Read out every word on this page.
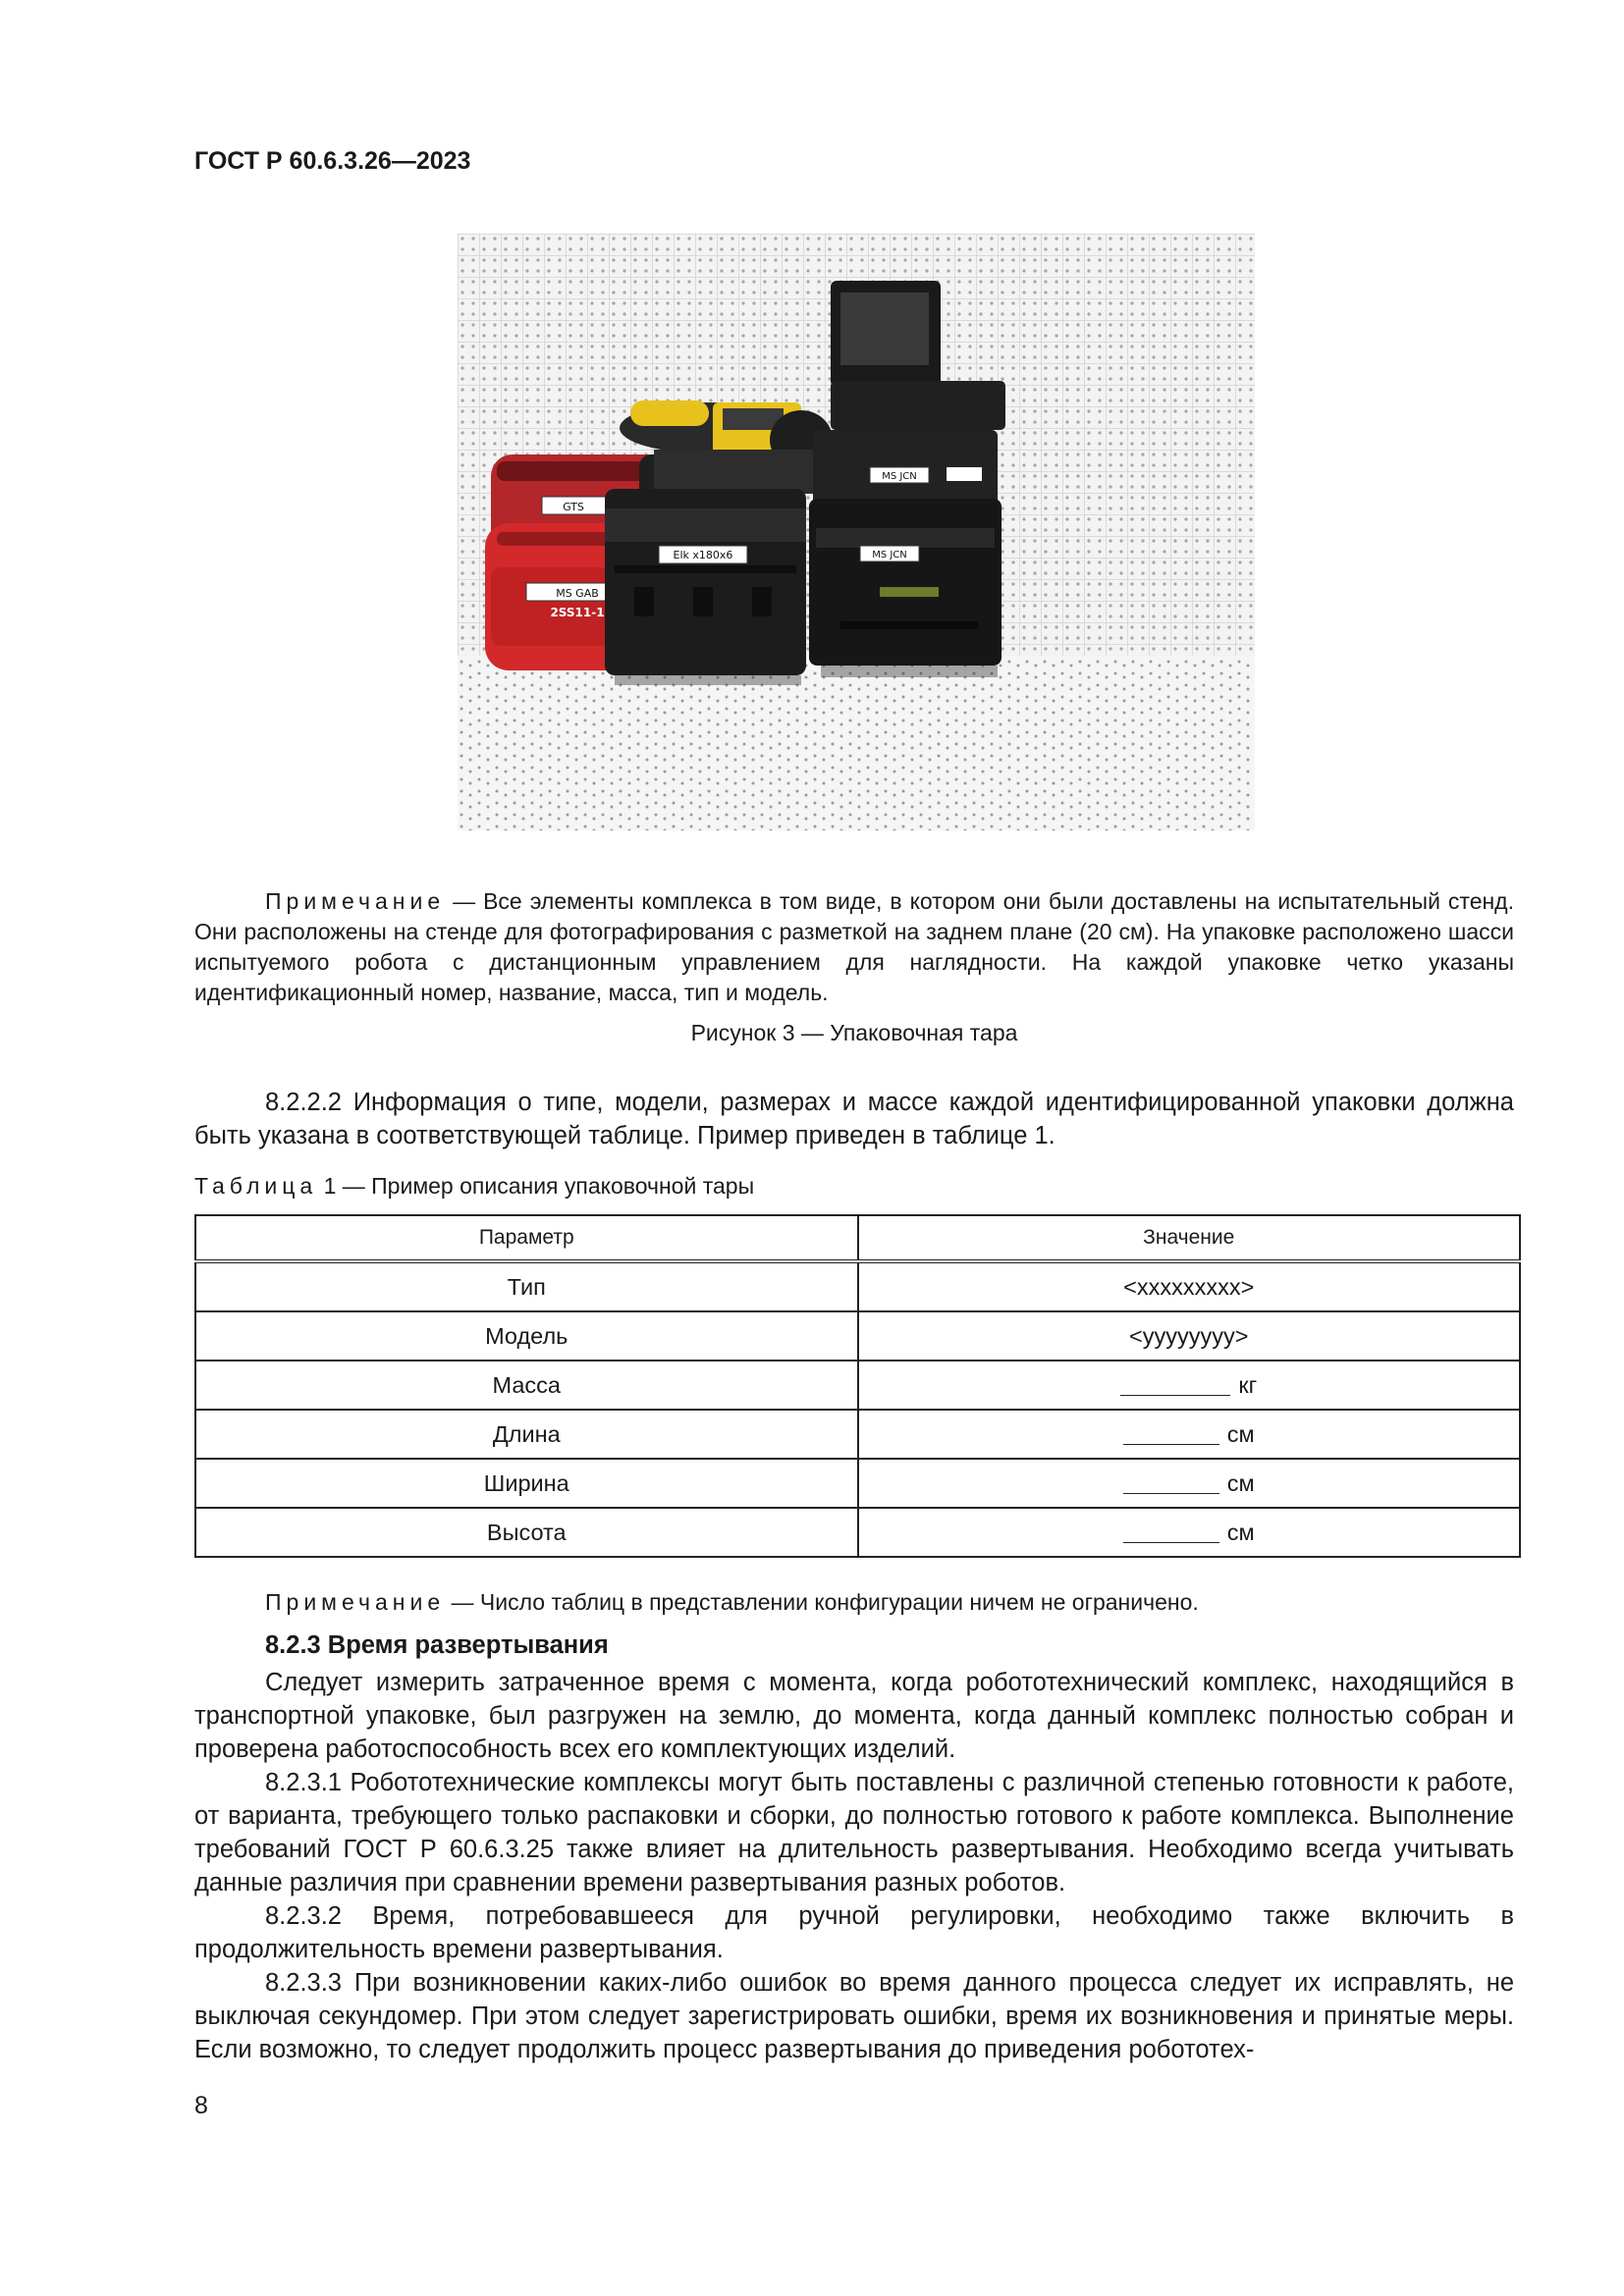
ГОСТ Р 60.6.3.26—2023
GTS
MS GAB
2SS11-1
Elk x180x6
MS JCN
MS JCN
Примечание — Все элементы комплекса в том виде, в котором они были доставлены на испытательный стенд. Они расположены на стенде для фотографирования с разметкой на заднем плане (20 см). На упаковке расположено шасси испытуемого робота с дистанционным управлением для наглядности. На каждой упаковке четко указаны идентификационный номер, название, масса, тип и модель.
Рисунок 3 — Упаковочная тара
8.2.2.2 Информация о типе, модели, размерах и массе каждой идентифицированной упаковки должна быть указана в соответствующей таблице. Пример приведен в таблице 1.
Таблица 1 — Пример описания упаковочной тары
Параметр	Значение
Тип	<xxxxxxxxx>
Модель	<yyyyyyyy>
Масса	кг
Длина	см
Ширина	см
Высота	см
Примечание — Число таблиц в представлении конфигурации ничем не ограничено.
8.2.3 Время развертывания
Следует измерить затраченное время с момента, когда робототехнический комплекс, находящийся в транспортной упаковке, был разгружен на землю, до момента, когда данный комплекс полностью собран и проверена работоспособность всех его комплектующих изделий.
8.2.3.1 Робототехнические комплексы могут быть поставлены с различной степенью готовности к работе, от варианта, требующего только распаковки и сборки, до полностью готового к работе комплекса. Выполнение требований ГОСТ Р 60.6.3.25 также влияет на длительность развертывания. Необходимо всегда учитывать данные различия при сравнении времени развертывания разных роботов.
8.2.3.2 Время, потребовавшееся для ручной регулировки, необходимо также включить в продолжительность времени развертывания.
8.2.3.3 При возникновении каких-либо ошибок во время данного процесса следует их исправлять, не выключая секундомер. При этом следует зарегистрировать ошибки, время их возникновения и принятые меры. Если возможно, то следует продолжить процесс развертывания до приведения робототех-
8
